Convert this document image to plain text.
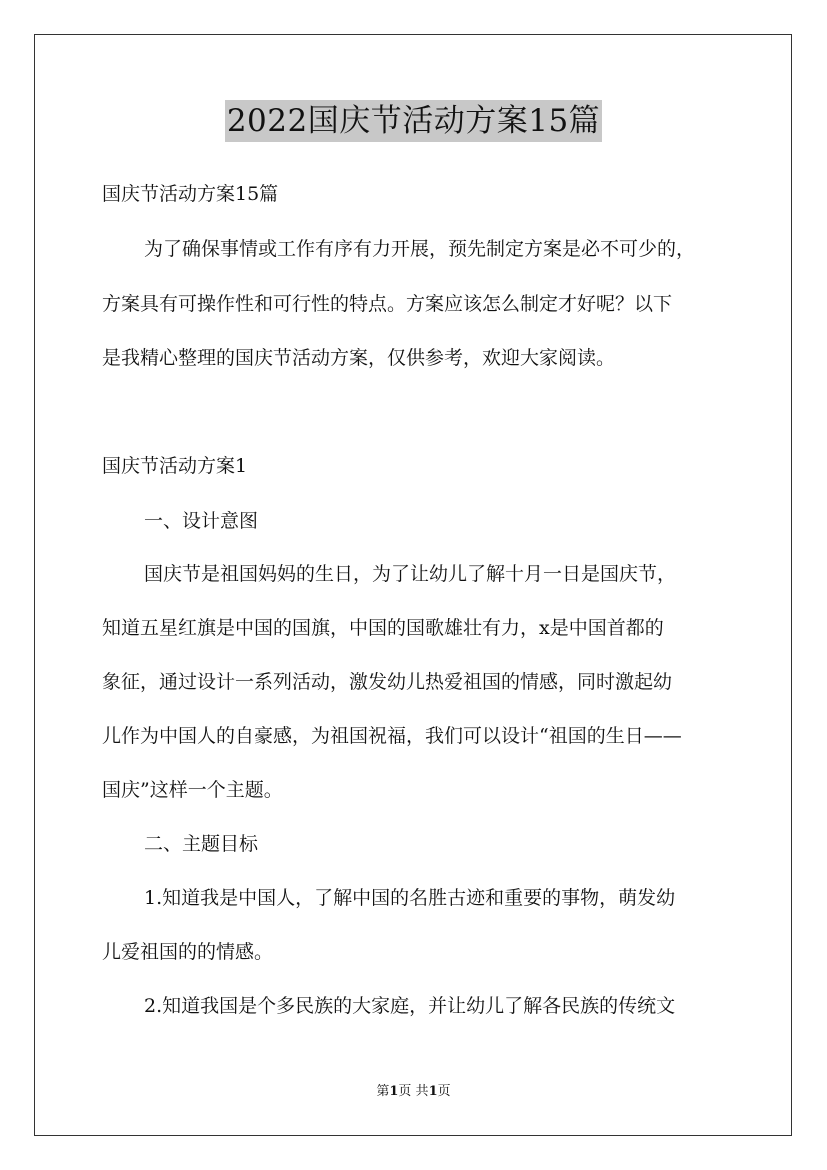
2022国庆节活动方案15篇
国庆节活动方案15篇
为了确保事情或工作有序有力开展，预先制定方案是必不可少的，
方案具有可操作性和可行性的特点。方案应该怎么制定才好呢？以下
是我精心整理的国庆节活动方案，仅供参考，欢迎大家阅读。
国庆节活动方案1
一、设计意图
国庆节是祖国妈妈的生日，为了让幼儿了解十月一日是国庆节，
知道五星红旗是中国的国旗，中国的国歌雄壮有力，x是中国首都的
象征，通过设计一系列活动，激发幼儿热爱祖国的情感，同时激起幼
儿作为中国人的自豪感，为祖国祝福，我们可以设计“祖国的生日——
国庆”这样一个主题。
二、主题目标
1.知道我是中国人，了解中国的名胜古迹和重要的事物，萌发幼
儿爱祖国的的情感。
2.知道我国是个多民族的大家庭，并让幼儿了解各民族的传统文
第1页 共1页
